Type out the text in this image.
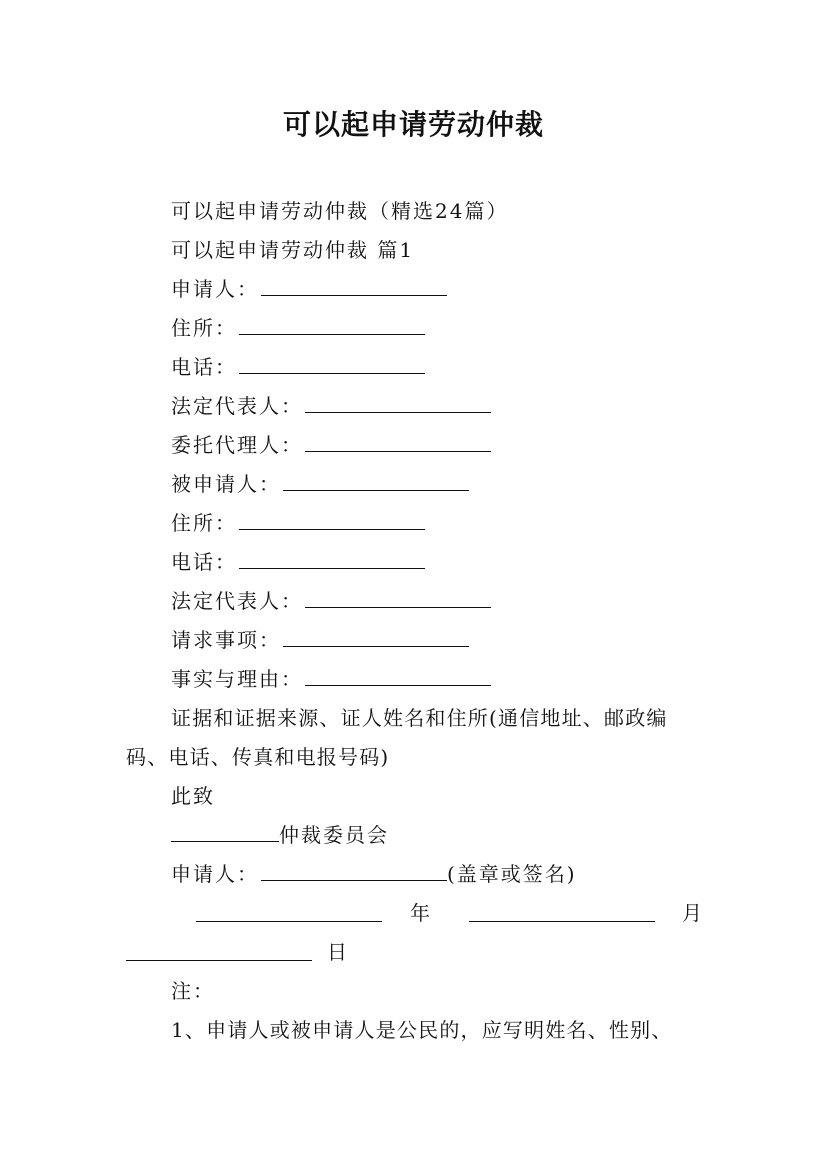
可以起申请劳动仲裁
可以起申请劳动仲裁（精选24篇）
可以起申请劳动仲裁 篇1
申请人：
住所：
电话：
法定代表人：
委托代理人：
被申请人：
住所：
电话：
法定代表人：
请求事项：
事实与理由：
证据和证据来源、证人姓名和住所(通信地址、邮政编
码、电话、传真和电报号码)
此致
仲裁委员会
申请人：	(盖章或签名)
年	月
日
注：
1、申请人或被申请人是公民的，应写明姓名、性别、
